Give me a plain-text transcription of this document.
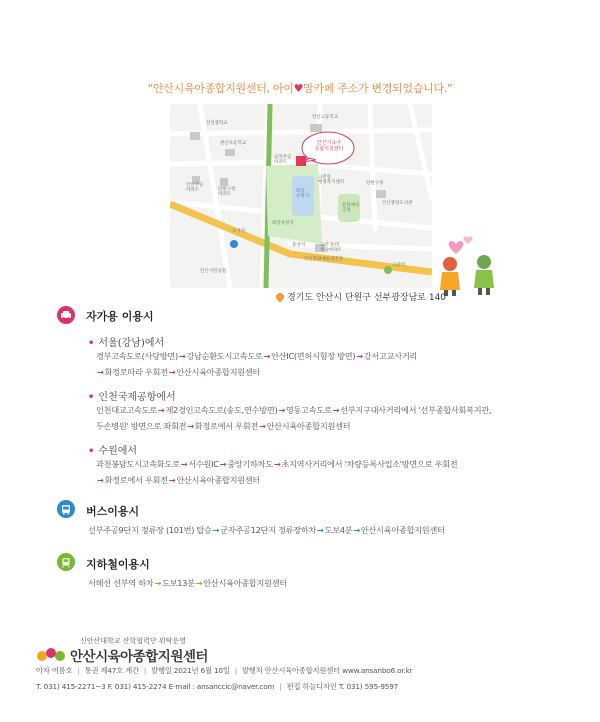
“안산시육아종합지원센터, 아이♥맘카페 주소가 변경되었습니다.”
선일중학교
안산고등학교
관산초등학교
군자주공
아파트
안산주공
아파트
고잔동
행정복지센터
단원구청
아파트
화랑
유원지
화랑유원지
문화예술
공원
단원구청
안산중앙도서관
고잔 롯데
캐슬아파트
중앙역
안산문화예술의전당
초지역
고잔역
안산시민공원
안산시육아
종합지원센터
경기도 안산시 단원구 선부광장남로 140
자가용 이용시
• 서울(강남)에서
경부고속도로(사당방면)→강남순환도시고속도로→안산IC(면허시험장 방면)→강서고교사거리
→화정로따라 우회전→안산시육아종합지원센터
• 인천국제공항에서
인천대교고속도로→제2경인고속도로(송도,연수방면)→영동고속도로→선부지구대사거리에서 '선부종합사회복지관,
두손병원' 방면으로 좌회전→화정로에서 우회전→안산시육아종합지원센터
• 수원에서
과천봉담도시고속화도로→서수원IC→중앙기하차도→초지역사거리에서 '차량등록사업소'방면으로 우회전
→화정로에서 우회전→안산시육아종합지원센터
버스이용시
선부주공9단지 정류장 (101번) 탑승→군자주공12단지 정류장하차→도보4분→안산시육아종합지원센터
지하철이용시
서해선 선부역 하차→도보13분→안산시육아종합지원센터
신안산대학교 산학협력단 위탁운영
안산시육아종합지원센터
아자 여름호 | 통권 제47호 계간 | 발행일 2021년 6월 10일 | 발행처 안산시육아종합지원센터 www.ansanbo6.or.kr
T. 031) 415-2271~3 F. 031) 415-2274 E-mail : ansanccic@naver.com | 편집 하늘디자인 T. 031) 595-9597
